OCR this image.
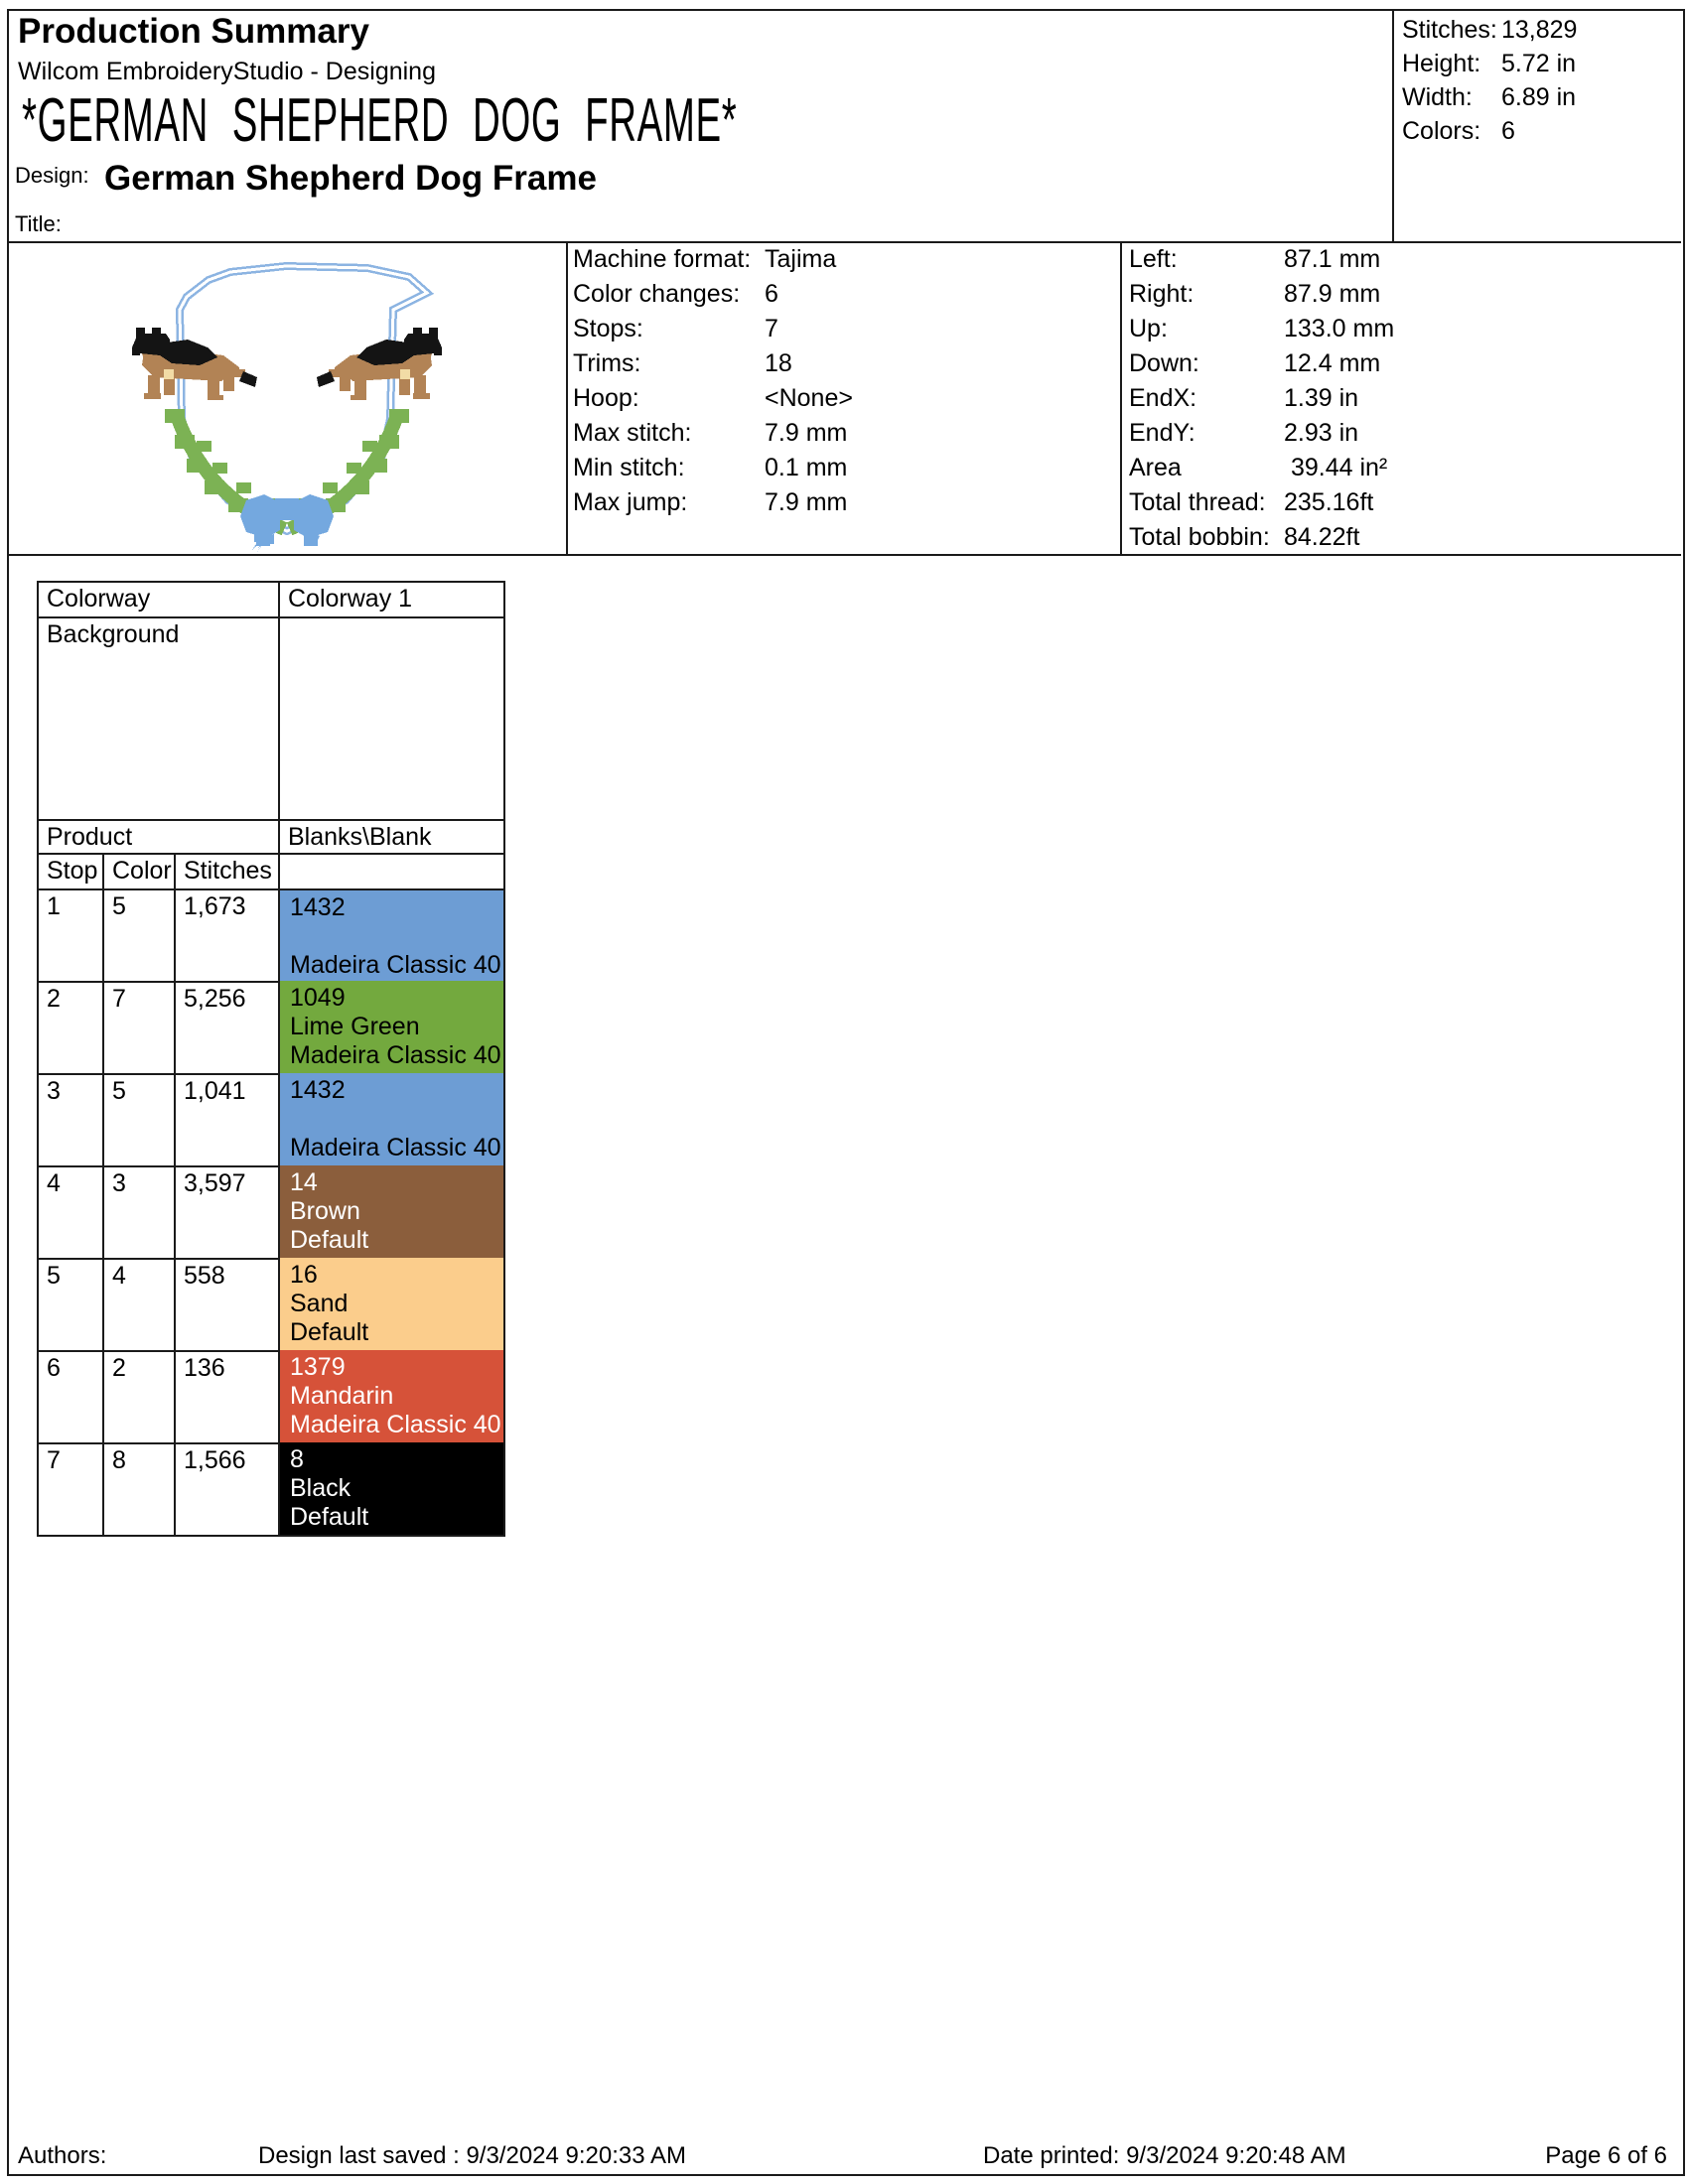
Production Summary
Wilcom EmbroideryStudio - Designing
*GERMAN SHEPHERD DOG FRAME*
Design: German Shepherd Dog Frame
Title:
Stitches: 13,829
Height: 5.72 in
Width: 6.89 in
Colors: 6
Machine format: Tajima
Color changes: 6
Stops:	7
Trims:	18
Hoop:	<None>
Max stitch:	7.9 mm
Min stitch:	0.1 mm
Max jump:	7.9 mm
Left:	87.1 mm
Right:	87.9 mm
Up:	133.0 mm
Down:	12.4 mm
EndX:	1.39 in
EndY:	2.93 in
Area	39.44 in²
Total thread: 235.16ft
Total bobbin: 84.22ft
Colorway	Colorway 1
Background
Product	Blanks\Blank
Stop Color Stitches
1	5	1,673	1432
Madeira Classic 40
2	7	5,256	1049
Lime Green
Madeira Classic 40
3	5	1,041	1432
Madeira Classic 40
4	3	3,597	14
Brown
Default
5	4	558	16
Sand
Default
6	2	136	1379
Mandarin
Madeira Classic 40
7	8	1,566	8
Black
Default
Authors:	Design last saved : 9/3/2024 9:20:33 AM	Date printed: 9/3/2024 9:20:48 AM	Page 6 of 6
